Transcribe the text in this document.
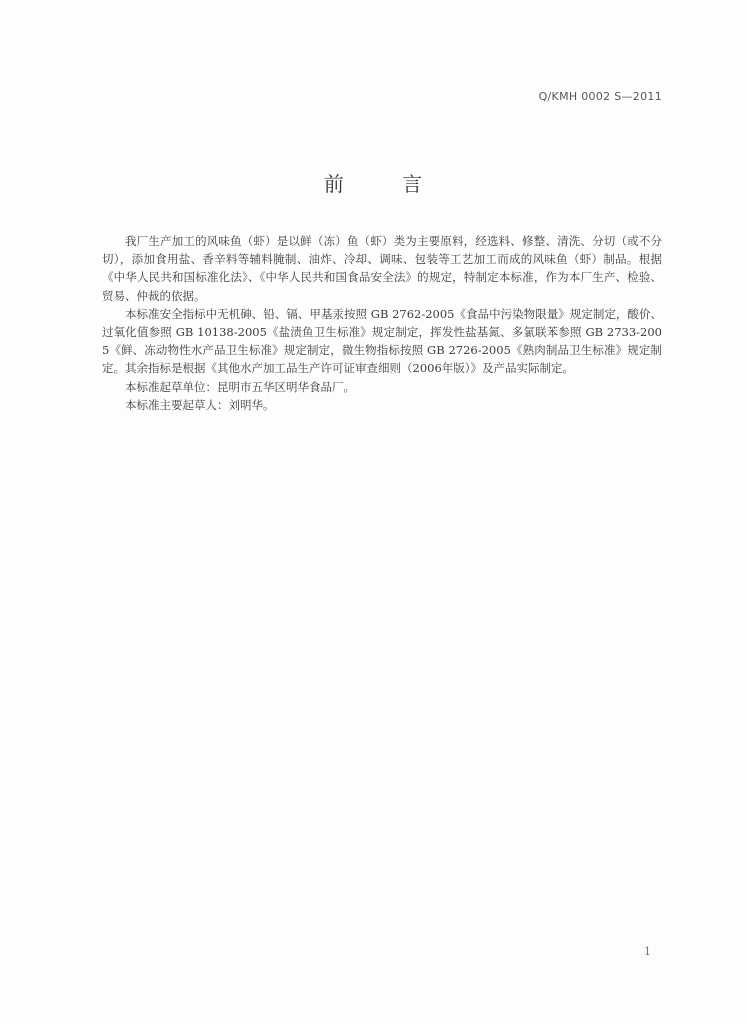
Q/KMH 0002 S—2011
前 言

我厂生产加工的风味鱼（虾）是以鲜（冻）鱼（虾）类为主要原料，经选料、修整、清洗、分切（或不分切），添加食用盐、香辛料等辅料腌制、油炸、冷却、调味、包装等工艺加工而成的风味鱼（虾）制品。根据《中华人民共和国标准化法》、《中华人民共和国食品安全法》的规定，特制定本标准，作为本厂生产、检验、贸易、仲裁的依据。

本标准安全指标中无机砷、铅、镉、甲基汞按照 GB 2762-2005《食品中污染物限量》规定制定，酸价、过氧化值参照 GB 10138-2005《盐渍鱼卫生标准》规定制定，挥发性盐基氮、多氯联苯参照 GB 2733-2005《鲜、冻动物性水产品卫生标准》规定制定，微生物指标按照 GB 2726-2005《熟肉制品卫生标准》规定制定。其余指标是根据《其他水产加工品生产许可证审查细则（2006年版）》及产品实际制定。

本标准起草单位：昆明市五华区明华食品厂。

本标准主要起草人：刘明华。

1
